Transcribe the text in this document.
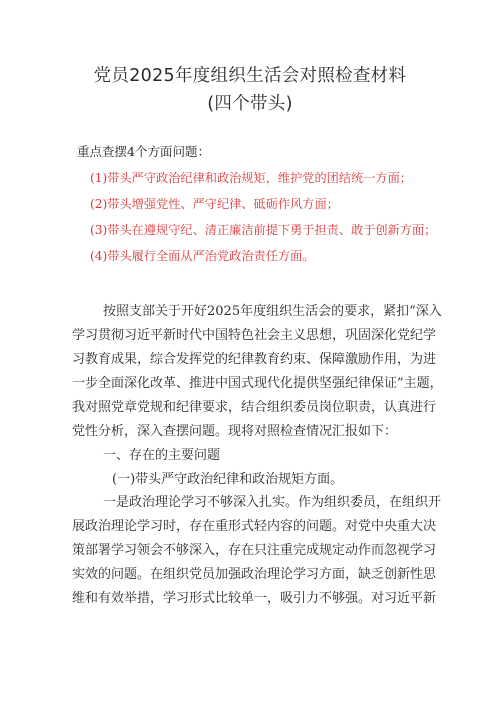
党员2025年度组织生活会对照检查材料
(四个带头)
重点查摆4个方面问题：
(1)带头严守政治纪律和政治规矩，维护党的团结统一方面；
(2)带头增强党性、严守纪律、砥砺作风方面；
(3)带头在遵规守纪、清正廉洁前提下勇于担责、敢于创新方面；
(4)带头履行全面从严治党政治责任方面。
按照支部关于开好2025年度组织生活会的要求，紧扣“深入
学习贯彻习近平新时代中国特色社会主义思想，巩固深化党纪学
习教育成果，综合发挥党的纪律教育约束、保障激励作用，为进
一步全面深化改革、推进中国式现代化提供坚强纪律保证”主题，
我对照党章党规和纪律要求，结合组织委员岗位职责，认真进行
党性分析，深入查摆问题。现将对照检查情况汇报如下：
一、存在的主要问题
(一)带头严守政治纪律和政治规矩方面。
一是政治理论学习不够深入扎实。作为组织委员，在组织开
展政治理论学习时，存在重形式轻内容的问题。对党中央重大决
策部署学习领会不够深入，存在只注重完成规定动作而忽视学习
实效的问题。在组织党员加强政治理论学习方面，缺乏创新性思
维和有效举措，学习形式比较单一，吸引力不够强。对习近平新
